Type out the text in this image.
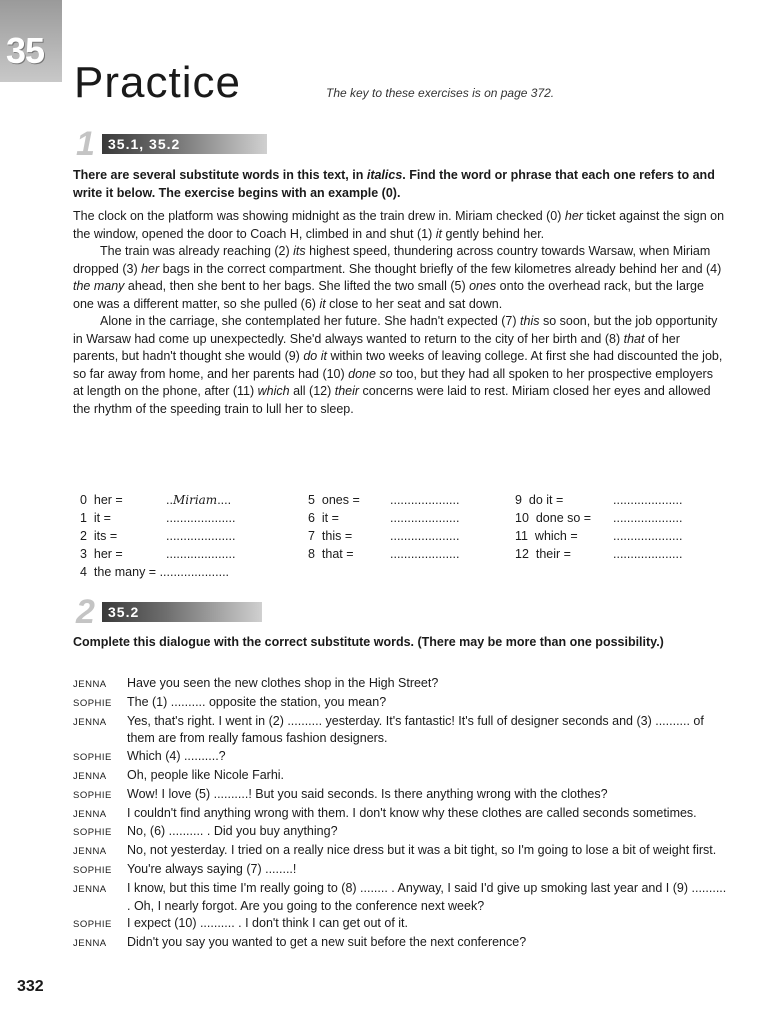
35
Practice	The key to these exercises is on page 372.
1 35.1, 35.2
There are several substitute words in this text, in italics. Find the word or phrase that each one refers to and write it below. The exercise begins with an example (0).

The clock on the platform was showing midnight as the train drew in. Miriam checked (0) her ticket against the sign on the window, opened the door to Coach H, climbed in and shut (1) it gently behind her.

The train was already reaching (2) its highest speed, thundering across country towards Warsaw, when Miriam dropped (3) her bags in the correct compartment. She thought briefly of the few kilometres already behind her and (4) the many ahead, then she bent to her bags. She lifted the two small (5) ones onto the overhead rack, but the large one was a different matter, so she pulled (6) it close to her seat and sat down.

Alone in the carriage, she contemplated her future. She hadn't expected (7) this so soon, but the job opportunity in Warsaw had come up unexpectedly. She'd always wanted to return to the city of her birth and (8) that of her parents, but hadn't thought she would (9) do it within two weeks of leaving college. At first she had discounted the job, so far away from home, and her parents had (10) done so too, but they had all spoken to her prospective employers at length on the phone, after (11) which all (12) their concerns were laid to rest. Miriam closed her eyes and allowed the rhythm of the speeding train to lull her to sleep.

0  her =	..Miriam....
1  it =	....................
2  its =	....................
3  her =	....................
4  the many = ....................
5  ones = ....................
6  it =	....................
7  this =	....................
8  that =	....................
9  do it =	....................
10  done so = ....................
11  which =	....................
12  their =	....................
2 35.2
Complete this dialogue with the correct substitute words. (There may be more than one possibility.)
JENNA	Have you seen the new clothes shop in the High Street?
SOPHIE	The (1) .......... opposite the station, you mean?
JENNA	Yes, that's right. I went in (2) .......... yesterday. It's fantastic! It's full of designer seconds and (3) .......... of them are from really famous fashion designers.
SOPHIE	Which (4) ..........?
JENNA	Oh, people like Nicole Farhi.
SOPHIE	Wow! I love (5) ..........! But you said seconds. Is there anything wrong with the clothes?
JENNA	I couldn't find anything wrong with them. I don't know why these clothes are called seconds sometimes.
SOPHIE	No, (6) .......... . Did you buy anything?
JENNA	No, not yesterday. I tried on a really nice dress but it was a bit tight, so I'm going to lose a bit of weight first.
SOPHIE	You're always saying (7) ........!
JENNA	I know, but this time I'm really going to (8) ........ . Anyway, I said I'd give up smoking last year and I (9) .......... . Oh, I nearly forgot. Are you going to the conference next week?
SOPHIE	I expect (10) .......... . I don't think I can get out of it.
JENNA	Didn't you say you wanted to get a new suit before the next conference?
332
